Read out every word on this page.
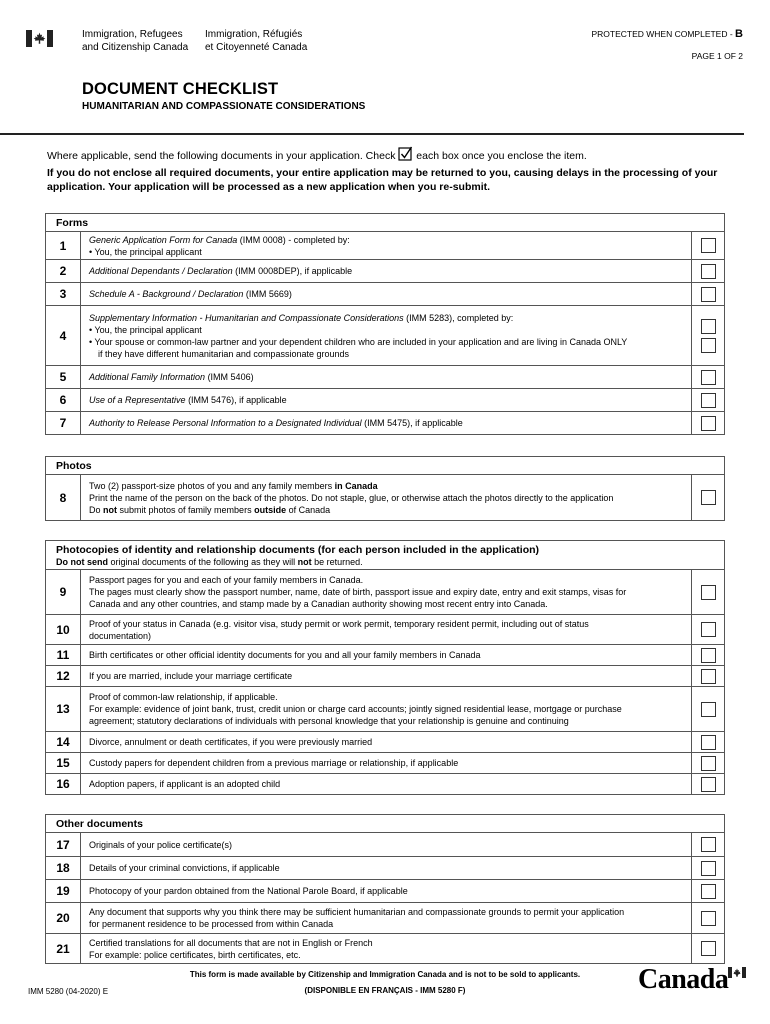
Immigration, Refugees
and Citizenship Canada
Immigration, Réfugiés
et Citoyenneté Canada
PROTECTED WHEN COMPLETED - B
PAGE 1 OF 2
DOCUMENT CHECKLIST
HUMANITARIAN AND COMPASSIONATE CONSIDERATIONS
Where applicable, send the following documents in your application. Check each box once you enclose the item.
If you do not enclose all required documents, your entire application may be returned to you, causing delays in the processing of your application. Your application will be processed as a new application when you re-submit.
Forms
1	Generic Application Form for Canada (IMM 0008) - completed by:
• You, the principal applicant
2	Additional Dependants / Declaration (IMM 0008DEP), if applicable
3	Schedule A - Background / Declaration (IMM 5669)
4
Supplementary Information - Humanitarian and Compassionate Considerations (IMM 5283), completed by:
• You, the principal applicant
• Your spouse or common-law partner and your dependent children who are included in your application and are living in Canada ONLY
if they have different humanitarian and compassionate grounds
5	Additional Family Information (IMM 5406)
6	Use of a Representative (IMM 5476), if applicable
7	Authority to Release Personal Information to a Designated Individual (IMM 5475), if applicable
Photos
8
Two (2) passport-size photos of you and any family members in Canada
Print the name of the person on the back of the photos. Do not staple, glue, or otherwise attach the photos directly to the application
Do not submit photos of family members outside of Canada
Photocopies of identity and relationship documents (for each person included in the application)
Do not send original documents of the following as they will not be returned.
9
Passport pages for you and each of your family members in Canada.
The pages must clearly show the passport number, name, date of birth, passport issue and expiry date, entry and exit stamps, visas for
Canada and any other countries, and stamp made by a Canadian authority showing most recent entry into Canada.
10	Proof of your status in Canada (e.g. visitor visa, study permit or work permit, temporary resident permit, including out of status
documentation)
11	Birth certificates or other official identity documents for you and all your family members in Canada
12	If you are married, include your marriage certificate
13
Proof of common-law relationship, if applicable.
For example: evidence of joint bank, trust, credit union or charge card accounts; jointly signed residential lease, mortgage or purchase
agreement; statutory declarations of individuals with personal knowledge that your relationship is genuine and continuing
14	Divorce, annulment or death certificates, if you were previously married
15	Custody papers for dependent children from a previous marriage or relationship, if applicable
16	Adoption papers, if applicant is an adopted child
Other documents
17	Originals of your police certificate(s)
18	Details of your criminal convictions, if applicable
19	Photocopy of your pardon obtained from the National Parole Board, if applicable
20	Any document that supports why you think there may be sufficient humanitarian and compassionate grounds to permit your application
for permanent residence to be processed from within Canada
21	Certified translations for all documents that are not in English or French
For example: police certificates, birth certificates, etc.
This form is made available by Citizenship and Immigration Canada and is not to be sold to applicants.
(DISPONIBLE EN FRANÇAIS - IMM 5280 F)
IMM 5280 (04-2020) E	Canada
